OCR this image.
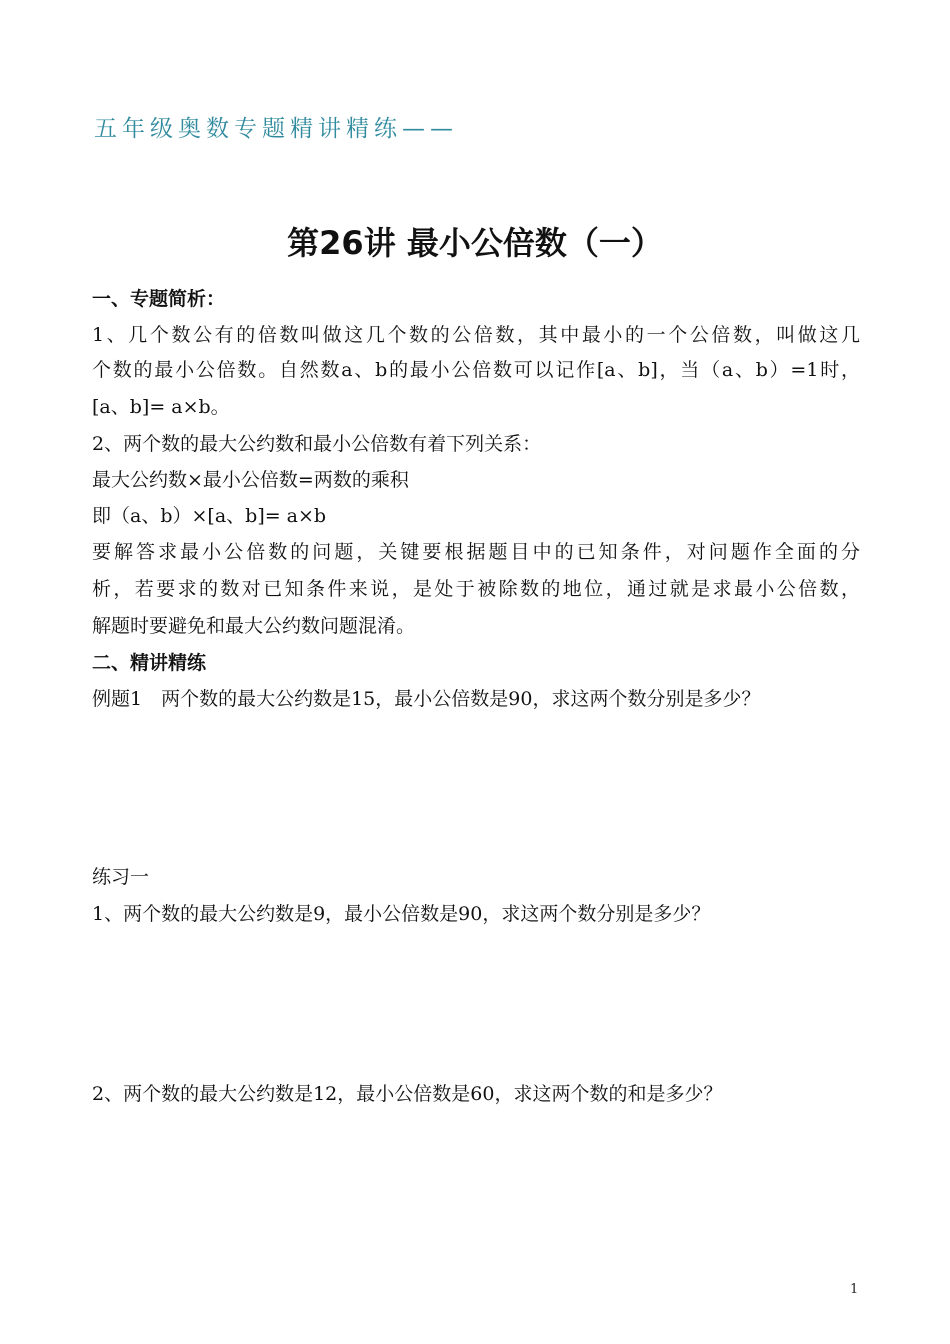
五年级奥数专题精讲精练——
第26讲 最小公倍数（一）
一、专题简析：
1、几个数公有的倍数叫做这几个数的公倍数，其中最小的一个公倍数，叫做这几
个数的最小公倍数。自然数a、b的最小公倍数可以记作[a、b]，当（a、b）=1时，
[a、b]= a×b。
2、两个数的最大公约数和最小公倍数有着下列关系：
最大公约数×最小公倍数=两数的乘积
即（a、b）×[a、b]= a×b
要解答求最小公倍数的问题，关键要根据题目中的已知条件，对问题作全面的分
析，若要求的数对已知条件来说，是处于被除数的地位，通过就是求最小公倍数，
解题时要避免和最大公约数问题混淆。
二、精讲精练
例题1　两个数的最大公约数是15，最小公倍数是90，求这两个数分别是多少？
练习一
1、两个数的最大公约数是9，最小公倍数是90，求这两个数分别是多少？
2、两个数的最大公约数是12，最小公倍数是60，求这两个数的和是多少？
1
